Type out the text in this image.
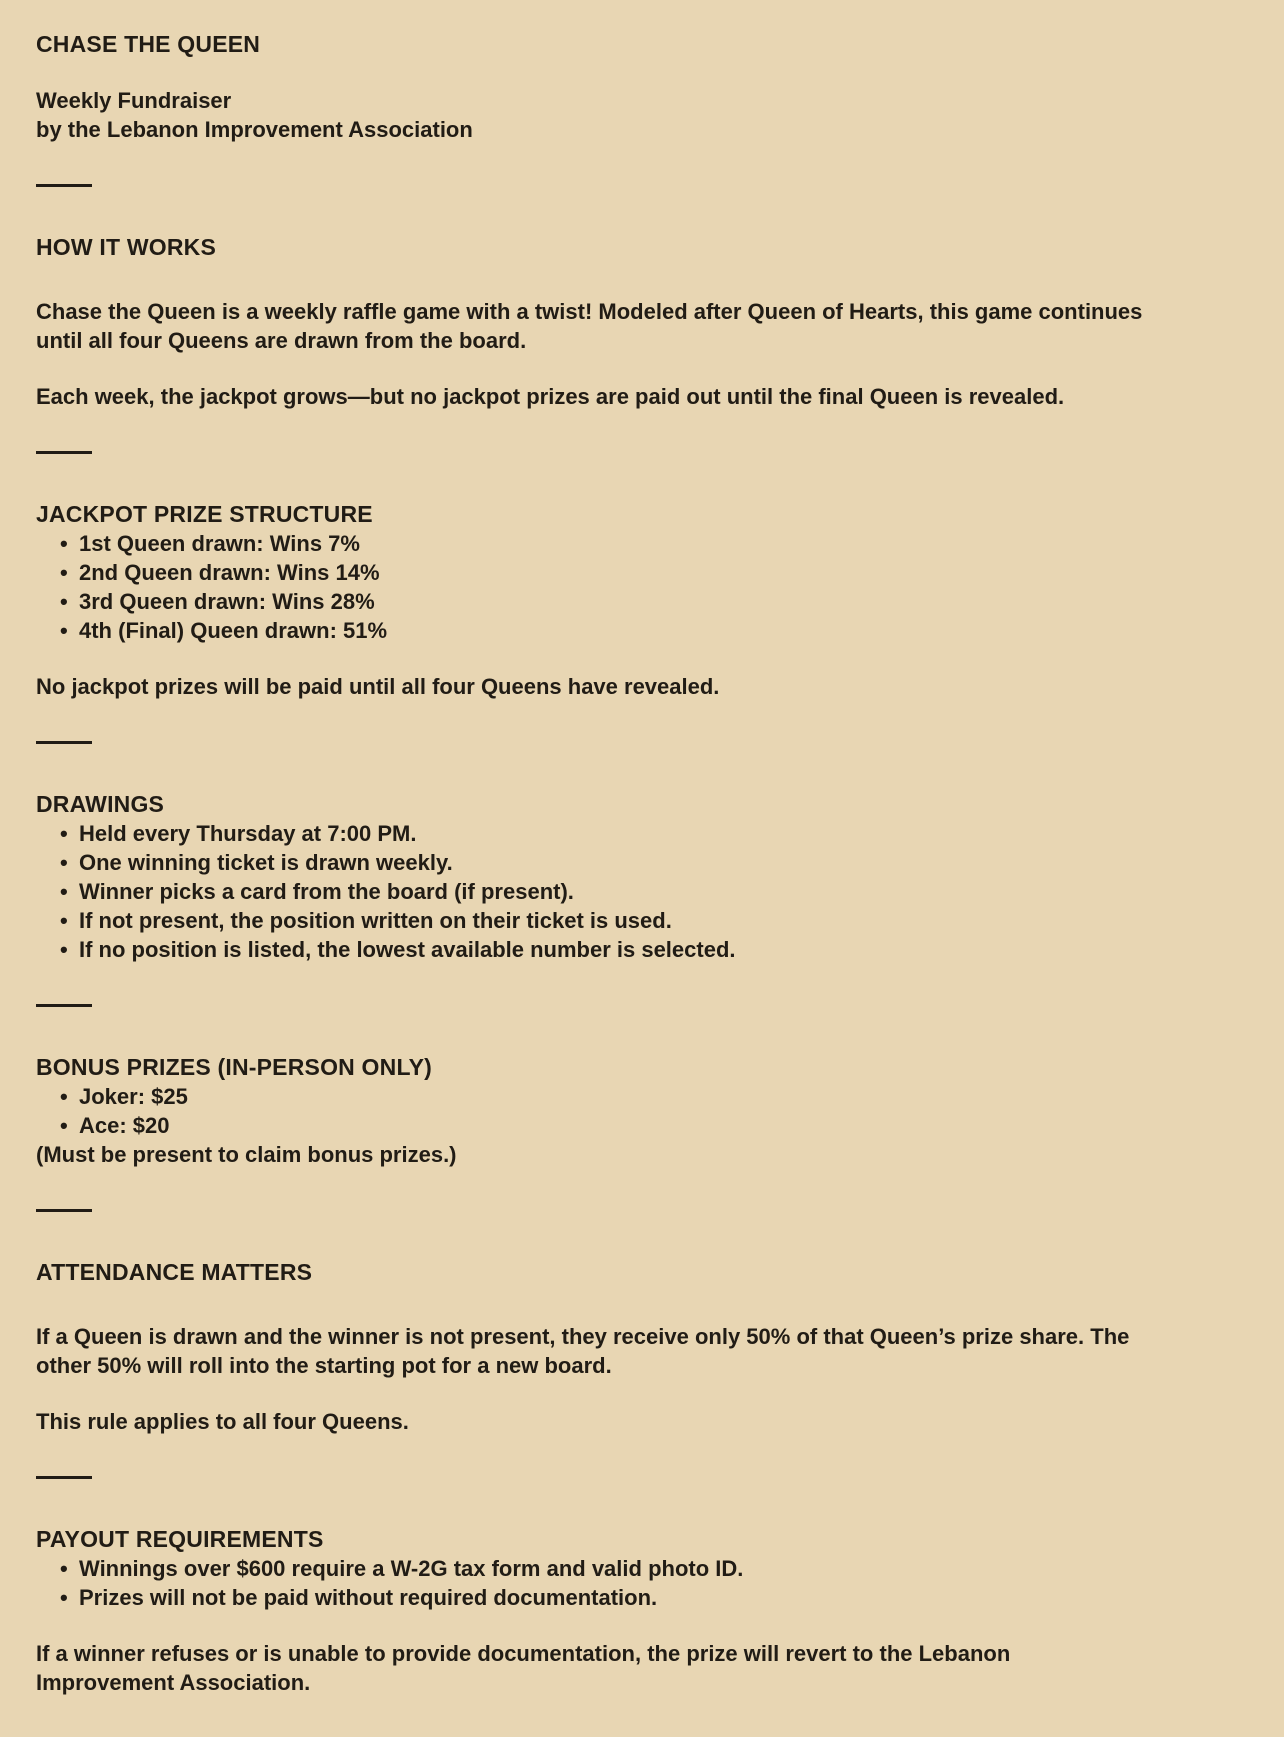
CHASE THE QUEEN

Weekly Fundraiser
by the Lebanon Improvement Association

HOW IT WORKS

Chase the Queen is a weekly raffle game with a twist! Modeled after Queen of Hearts, this game continues until all four Queens are drawn from the board.

Each week, the jackpot grows—but no jackpot prizes are paid out until the final Queen is revealed.

JACKPOT PRIZE STRUCTURE
• 1st Queen drawn: Wins 7%
• 2nd Queen drawn: Wins 14%
• 3rd Queen drawn: Wins 28%
• 4th (Final) Queen drawn: 51%

No jackpot prizes will be paid until all four Queens have revealed.

DRAWINGS
• Held every Thursday at 7:00 PM.
• One winning ticket is drawn weekly.
• Winner picks a card from the board (if present).
• If not present, the position written on their ticket is used.
• If no position is listed, the lowest available number is selected.
BONUS PRIZES (IN-PERSON ONLY)
• Joker: $25
• Ace: $20

(Must be present to claim bonus prizes.)

ATTENDANCE MATTERS

If a Queen is drawn and the winner is not present, they receive only 50% of that Queen’s prize share. The other 50% will roll into the starting pot for a new board.

This rule applies to all four Queens.

PAYOUT REQUIREMENTS
• Winnings over $600 require a W-2G tax form and valid photo ID.
• Prizes will not be paid without required documentation.

If a winner refuses or is unable to provide documentation, the prize will revert to the Lebanon Improvement Association.
